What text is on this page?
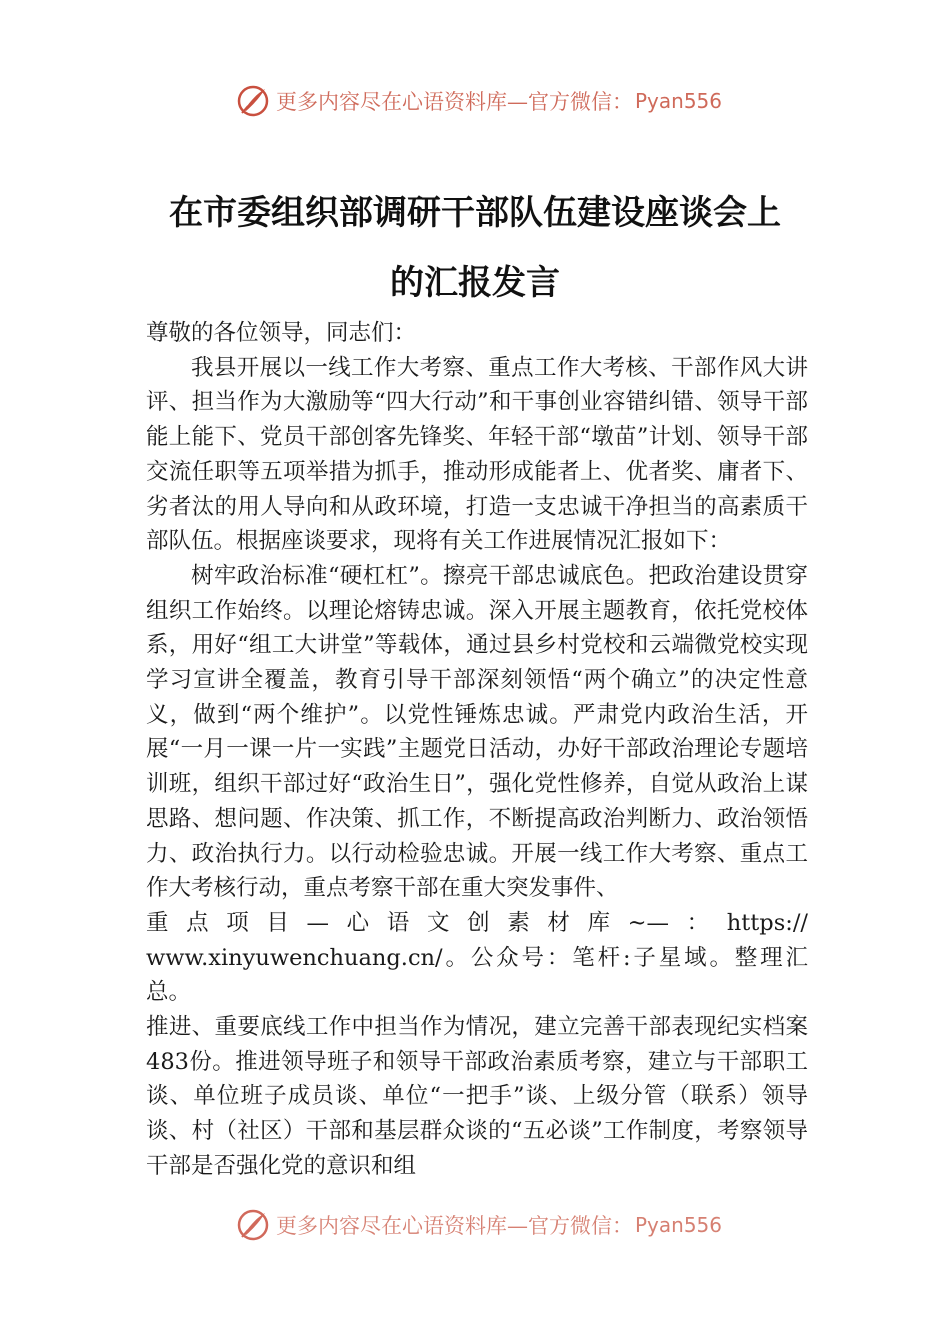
更多内容尽在心语资料库—官方微信： Pyan556
在市委组织部调研干部队伍建设座谈会上
的汇报发言

尊敬的各位领导，同志们：

我县开展以一线工作大考察、重点工作大考核、干部作风大讲评、担当作为大激励等“四大行动”和干事创业容错纠错、领导干部能上能下、党员干部创客先锋奖、年轻干部“墩苗”计划、领导干部交流任职等五项举措为抓手，推动形成能者上、优者奖、庸者下、劣者汰的用人导向和从政环境，打造一支忠诚干净担当的高素质干部队伍。根据座谈要求，现将有关工作进展情况汇报如下：

树牢政治标准“硬杠杠”。擦亮干部忠诚底色。把政治建设贯穿组织工作始终。以理论熔铸忠诚。深入开展主题教育，依托党校体系，用好“组工大讲堂”等载体，通过县乡村党校和云端微党校实现学习宣讲全覆盖，教育引导干部深刻领悟“两个确立”的决定性意义，做到“两个维护”。以党性锤炼忠诚。严肃党内政治生活，开展“一月一课一片一实践”主题党日活动，办好干部政治理论专题培训班，组织干部过好“政治生日”，强化党性修养，自觉从政治上谋思路、想问题、作决策、抓工作，不断提高政治判断力、政治领悟力、政治执行力。以行动检验忠诚。开展一线工作大考察、重点工作大考核行动，重点考察干部在重大突发事件、

重点项目—心语文创素材库~—：https://

www.xinyuwenchuang.cn/。公众号：笔杆:子星域。整理汇总。

推进、重要底线工作中担当作为情况，建立完善干部表现纪实档案483份。推进领导班子和领导干部政治素质考察，建立与干部职工谈、单位班子成员谈、单位“一把手”谈、上级分管（联系）领导谈、村（社区）干部和基层群众谈的“五必谈”工作制度，考察领导干部是否强化党的意识和组

更多内容尽在心语资料库—官方微信： Pyan556
